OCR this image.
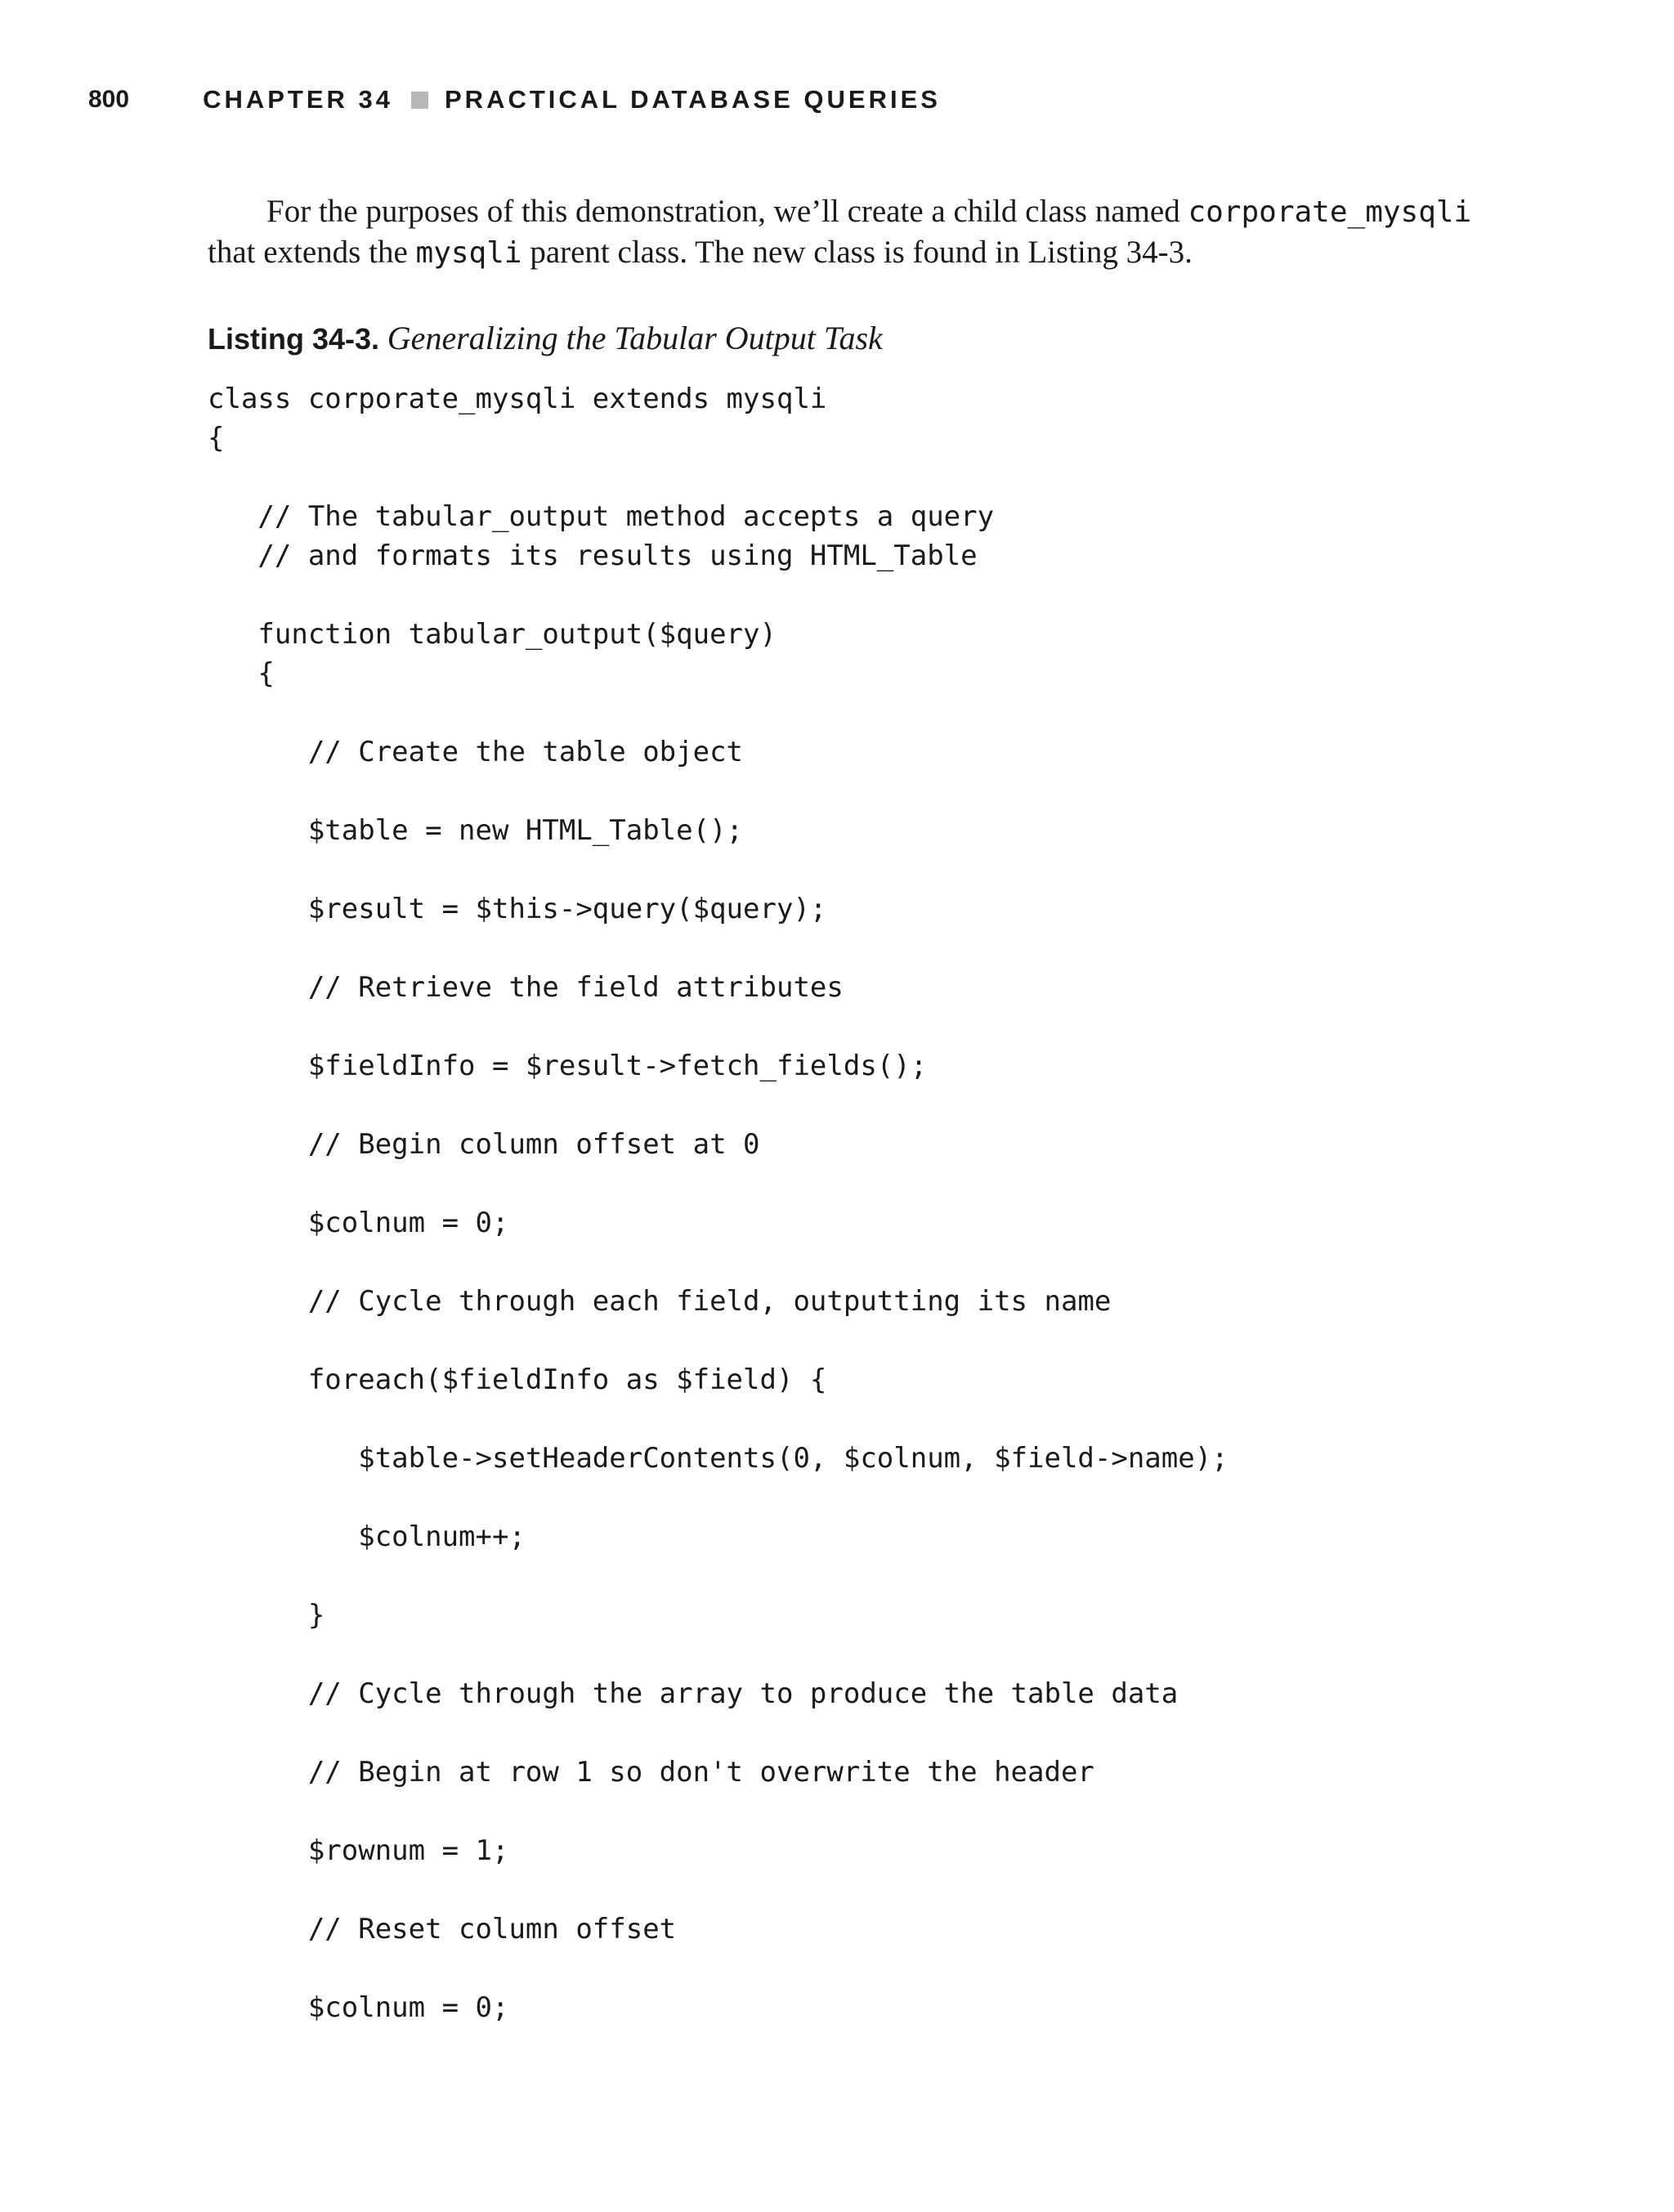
800	CHAPTER 34 PRACTICAL DATABASE QUERIES

For the purposes of this demonstration, we’ll create a child class named corporate_mysqli that extends the mysqli parent class. The new class is found in Listing 34-3.

Listing 34-3. Generalizing the Tabular Output Task
class corporate_mysqli extends mysqli
{
// The tabular_output method accepts a query
// and formats its results using HTML_Table
function tabular_output($query)
{
// Create the table object
$table = new HTML_Table();
$result = $this->query($query);
// Retrieve the field attributes
$fieldInfo = $result->fetch_fields();
// Begin column offset at 0
$colnum = 0;
// Cycle through each field, outputting its name
foreach($fieldInfo as $field) {
$table->setHeaderContents(0, $colnum, $field->name);
$colnum++;
}
// Cycle through the array to produce the table data
// Begin at row 1 so don't overwrite the header
$rownum = 1;
// Reset column offset
$colnum = 0;
